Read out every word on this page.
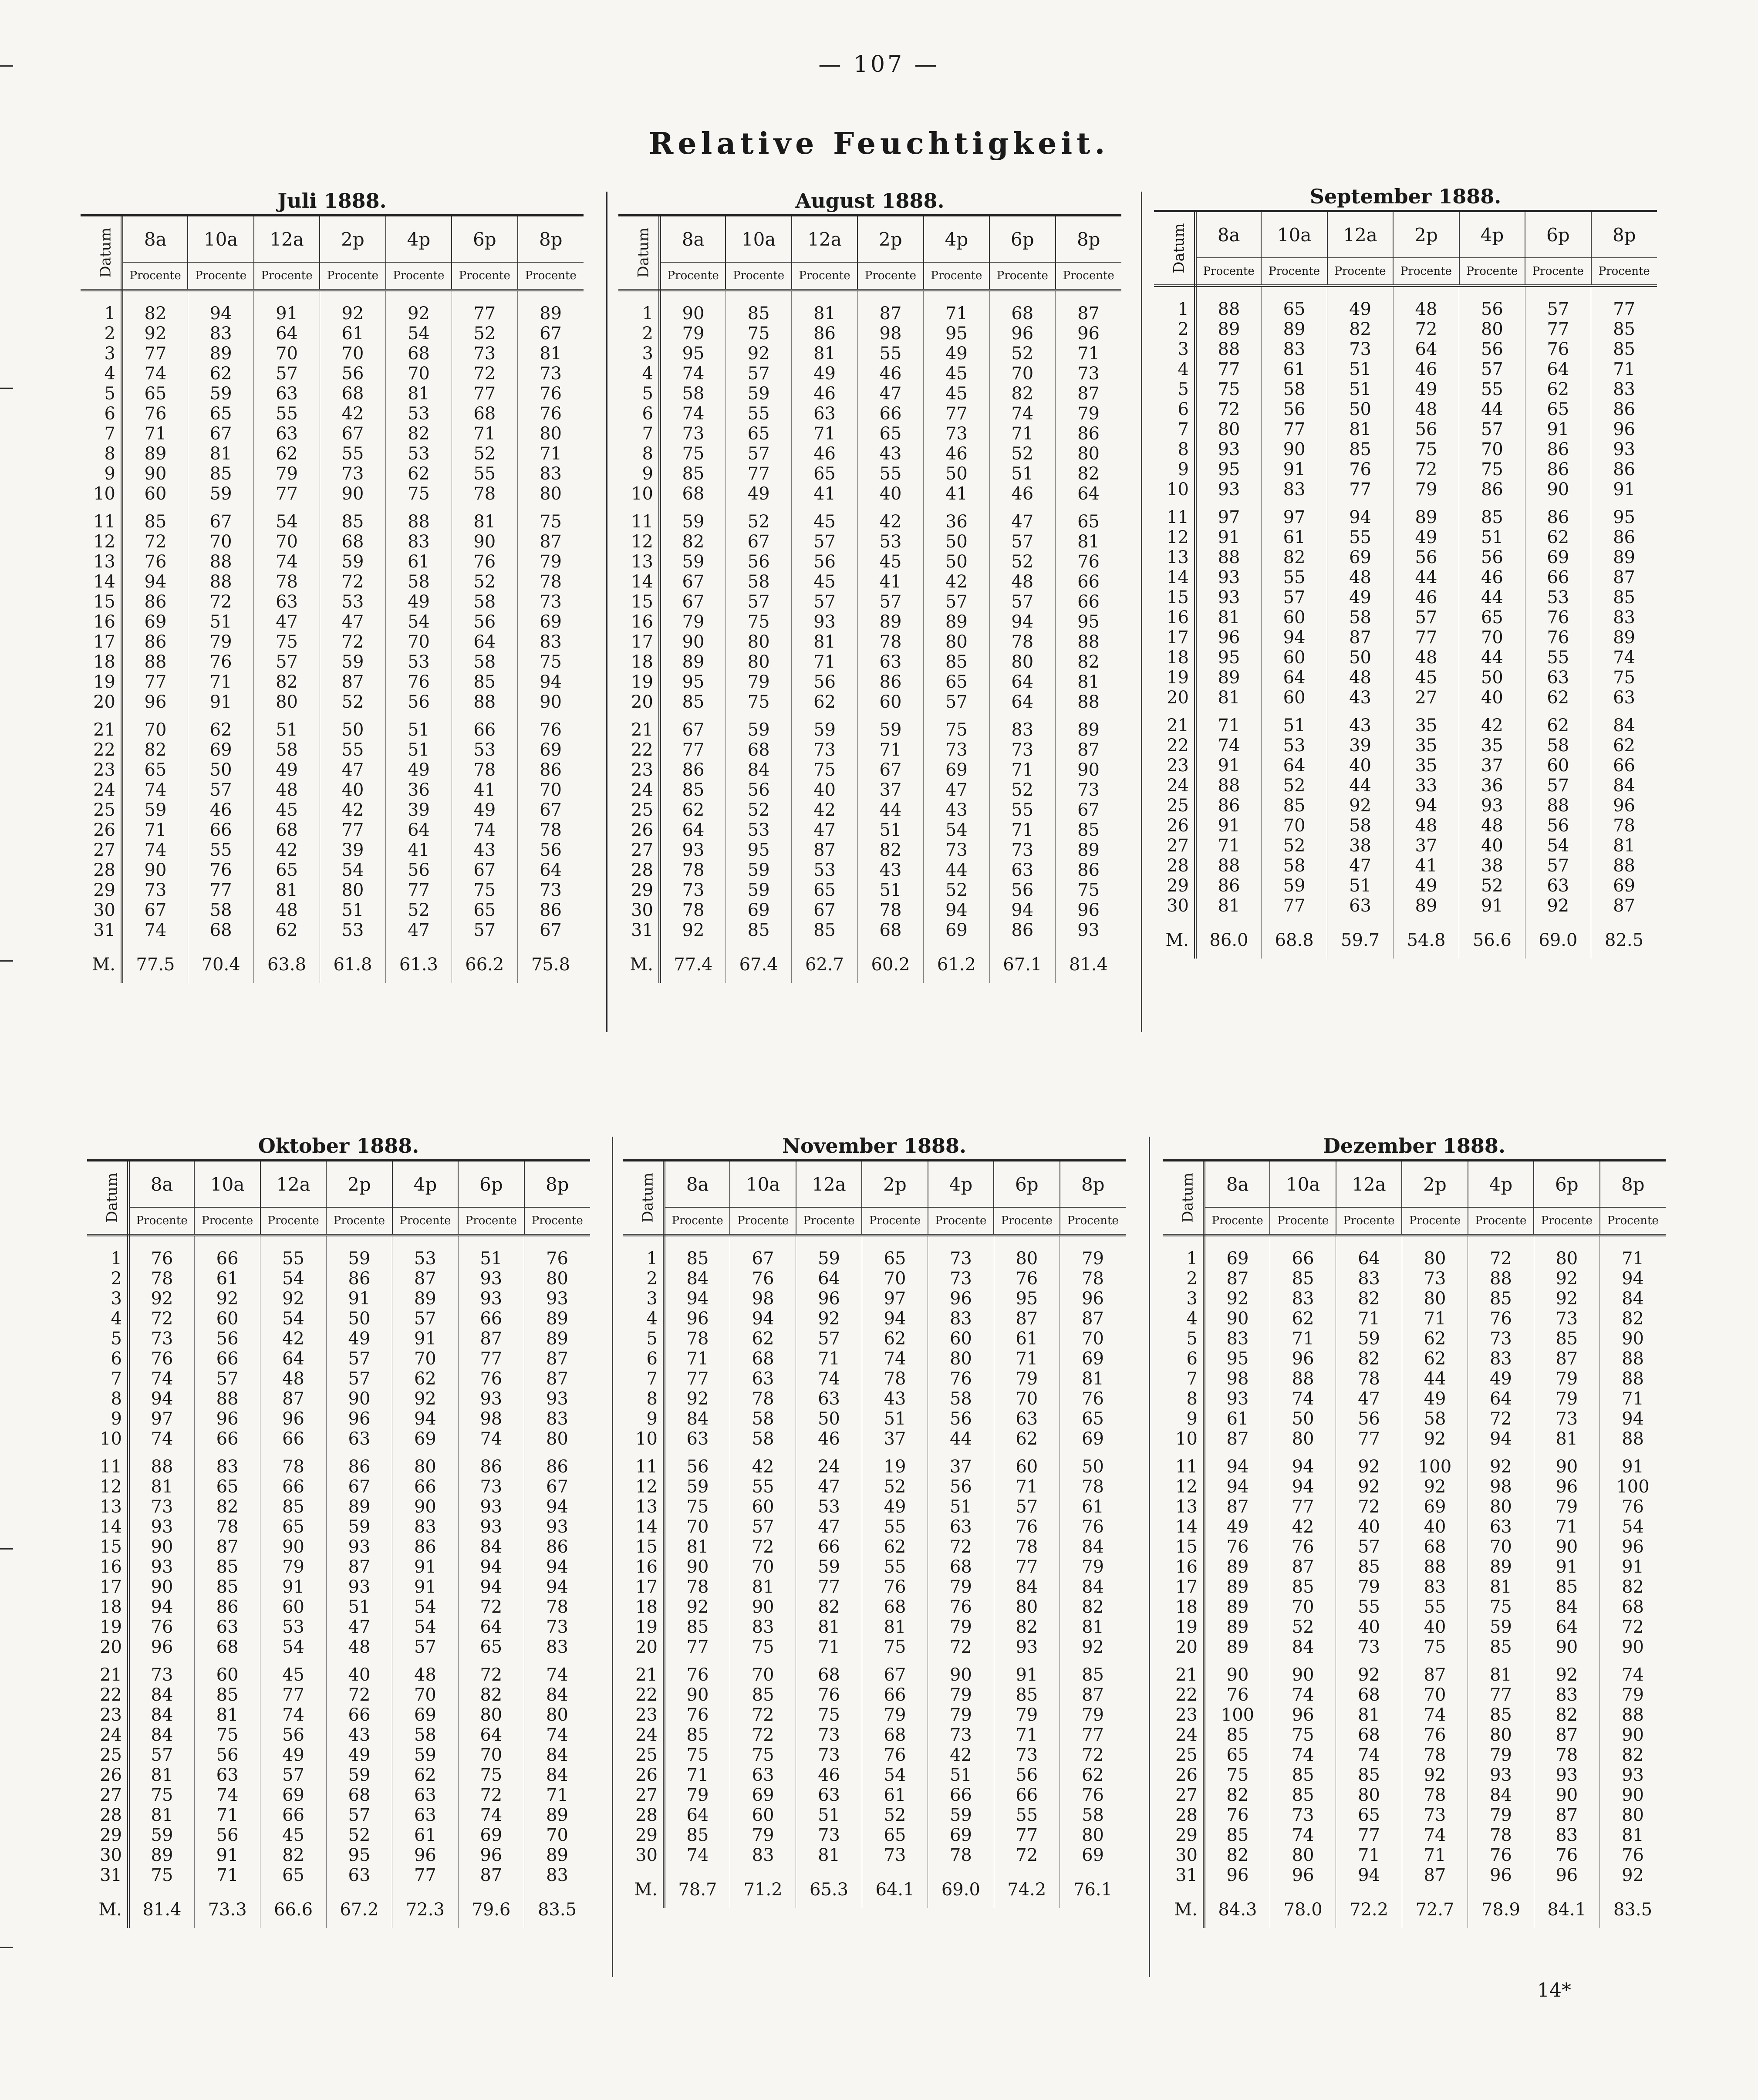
— 107 —
Relative Feuchtigkeit.
Juli 1888.
Datum	8a	10a	12a	2p	4p	6p	8p
	Procente	Procente	Procente	Procente	Procente	Procente	Procente
1	82	94	91	92	92	77	89
2	92	83	64	61	54	52	67
3	77	89	70	70	68	73	81
4	74	62	57	56	70	72	73
5	65	59	63	68	81	77	76
6	76	65	55	42	53	68	76
7	71	67	63	67	82	71	80
8	89	81	62	55	53	52	71
9	90	85	79	73	62	55	83
10	60	59	77	90	75	78	80
11	85	67	54	85	88	81	75
12	72	70	70	68	83	90	87
13	76	88	74	59	61	76	79
14	94	88	78	72	58	52	78
15	86	72	63	53	49	58	73
16	69	51	47	47	54	56	69
17	86	79	75	72	70	64	83
18	88	76	57	59	53	58	75
19	77	71	82	87	76	85	94
20	96	91	80	52	56	88	90
21	70	62	51	50	51	66	76
22	82	69	58	55	51	53	69
23	65	50	49	47	49	78	86
24	74	57	48	40	36	41	70
25	59	46	45	42	39	49	67
26	71	66	68	77	64	74	78
27	74	55	42	39	41	43	56
28	90	76	65	54	56	67	64
29	73	77	81	80	77	75	73
30	67	58	48	51	52	65	86
31	74	68	62	53	47	57	67
M.	77.5	70.4	63.8	61.8	61.3	66.2	75.8
August 1888.
Datum	8a	10a	12a	2p	4p	6p	8p
	Procente	Procente	Procente	Procente	Procente	Procente	Procente
1	90	85	81	87	71	68	87
2	79	75	86	98	95	96	96
3	95	92	81	55	49	52	71
4	74	57	49	46	45	70	73
5	58	59	46	47	45	82	87
6	74	55	63	66	77	74	79
7	73	65	71	65	73	71	86
8	75	57	46	43	46	52	80
9	85	77	65	55	50	51	82
10	68	49	41	40	41	46	64
11	59	52	45	42	36	47	65
12	82	67	57	53	50	57	81
13	59	56	56	45	50	52	76
14	67	58	45	41	42	48	66
15	67	57	57	57	57	57	66
16	79	75	93	89	89	94	95
17	90	80	81	78	80	78	88
18	89	80	71	63	85	80	82
19	95	79	56	86	65	64	81
20	85	75	62	60	57	64	88
21	67	59	59	59	75	83	89
22	77	68	73	71	73	73	87
23	86	84	75	67	69	71	90
24	85	56	40	37	47	52	73
25	62	52	42	44	43	55	67
26	64	53	47	51	54	71	85
27	93	95	87	82	73	73	89
28	78	59	53	43	44	63	86
29	73	59	65	51	52	56	75
30	78	69	67	78	94	94	96
31	92	85	85	68	69	86	93
M.	77.4	67.4	62.7	60.2	61.2	67.1	81.4
September 1888.
Datum	8a	10a	12a	2p	4p	6p	8p
	Procente	Procente	Procente	Procente	Procente	Procente	Procente
1	88	65	49	48	56	57	77
2	89	89	82	72	80	77	85
3	88	83	73	64	56	76	85
4	77	61	51	46	57	64	71
5	75	58	51	49	55	62	83
6	72	56	50	48	44	65	86
7	80	77	81	56	57	91	96
8	93	90	85	75	70	86	93
9	95	91	76	72	75	86	86
10	93	83	77	79	86	90	91
11	97	97	94	89	85	86	95
12	91	61	55	49	51	62	86
13	88	82	69	56	56	69	89
14	93	55	48	44	46	66	87
15	93	57	49	46	44	53	85
16	81	60	58	57	65	76	83
17	96	94	87	77	70	76	89
18	95	60	50	48	44	55	74
19	89	64	48	45	50	63	75
20	81	60	43	27	40	62	63
21	71	51	43	35	42	62	84
22	74	53	39	35	35	58	62
23	91	64	40	35	37	60	66
24	88	52	44	33	36	57	84
25	86	85	92	94	93	88	96
26	91	70	58	48	48	56	78
27	71	52	38	37	40	54	81
28	88	58	47	41	38	57	88
29	86	59	51	49	52	63	69
30	81	77	63	89	91	92	87
M.	86.0	68.8	59.7	54.8	56.6	69.0	82.5
Oktober 1888.
Datum	8a	10a	12a	2p	4p	6p	8p
	Procente	Procente	Procente	Procente	Procente	Procente	Procente
1	76	66	55	59	53	51	76
2	78	61	54	86	87	93	80
3	92	92	92	91	89	93	93
4	72	60	54	50	57	66	89
5	73	56	42	49	91	87	89
6	76	66	64	57	70	77	87
7	74	57	48	57	62	76	87
8	94	88	87	90	92	93	93
9	97	96	96	96	94	98	83
10	74	66	66	63	69	74	80
11	88	83	78	86	80	86	86
12	81	65	66	67	66	73	67
13	73	82	85	89	90	93	94
14	93	78	65	59	83	93	93
15	90	87	90	93	86	84	86
16	93	85	79	87	91	94	94
17	90	85	91	93	91	94	94
18	94	86	60	51	54	72	78
19	76	63	53	47	54	64	73
20	96	68	54	48	57	65	83
21	73	60	45	40	48	72	74
22	84	85	77	72	70	82	84
23	84	81	74	66	69	80	80
24	84	75	56	43	58	64	74
25	57	56	49	49	59	70	84
26	81	63	57	59	62	75	84
27	75	74	69	68	63	72	71
28	81	71	66	57	63	74	89
29	59	56	45	52	61	69	70
30	89	91	82	95	96	96	89
31	75	71	65	63	77	87	83
M.	81.4	73.3	66.6	67.2	72.3	79.6	83.5
November 1888.
Datum	8a	10a	12a	2p	4p	6p	8p
	Procente	Procente	Procente	Procente	Procente	Procente	Procente
1	85	67	59	65	73	80	79
2	84	76	64	70	73	76	78
3	94	98	96	97	96	95	96
4	96	94	92	94	83	87	87
5	78	62	57	62	60	61	70
6	71	68	71	74	80	71	69
7	77	63	74	78	76	79	81
8	92	78	63	43	58	70	76
9	84	58	50	51	56	63	65
10	63	58	46	37	44	62	69
11	56	42	24	19	37	60	50
12	59	55	47	52	56	71	78
13	75	60	53	49	51	57	61
14	70	57	47	55	63	76	76
15	81	72	66	62	72	78	84
16	90	70	59	55	68	77	79
17	78	81	77	76	79	84	84
18	92	90	82	68	76	80	82
19	85	83	81	81	79	82	81
20	77	75	71	75	72	93	92
21	76	70	68	67	90	91	85
22	90	85	76	66	79	85	87
23	76	72	75	79	79	79	79
24	85	72	73	68	73	71	77
25	75	75	73	76	42	73	72
26	71	63	46	54	51	56	62
27	79	69	63	61	66	66	76
28	64	60	51	52	59	55	58
29	85	79	73	65	69	77	80
30	74	83	81	73	78	72	69
M.	78.7	71.2	65.3	64.1	69.0	74.2	76.1
Dezember 1888.
Datum	8a	10a	12a	2p	4p	6p	8p
	Procente	Procente	Procente	Procente	Procente	Procente	Procente
1	69	66	64	80	72	80	71
2	87	85	83	73	88	92	94
3	92	83	82	80	85	92	84
4	90	62	71	71	76	73	82
5	83	71	59	62	73	85	90
6	95	96	82	62	83	87	88
7	98	88	78	44	49	79	88
8	93	74	47	49	64	79	71
9	61	50	56	58	72	73	94
10	87	80	77	92	94	81	88
11	94	94	92	100	92	90	91
12	94	94	92	92	98	96	100
13	87	77	72	69	80	79	76
14	49	42	40	40	63	71	54
15	76	76	57	68	70	90	96
16	89	87	85	88	89	91	91
17	89	85	79	83	81	85	82
18	89	70	55	55	75	84	68
19	89	52	40	40	59	64	72
20	89	84	73	75	85	90	90
21	90	90	92	87	81	92	74
22	76	74	68	70	77	83	79
23	100	96	81	74	85	82	88
24	85	75	68	76	80	87	90
25	65	74	74	78	79	78	82
26	75	85	85	92	93	93	93
27	82	85	80	78	84	90	90
28	76	73	65	73	79	87	80
29	85	74	77	74	78	83	81
30	82	80	71	71	76	76	76
31	96	96	94	87	96	96	92
M.	84.3	78.0	72.2	72.7	78.9	84.1	83.5
14*
